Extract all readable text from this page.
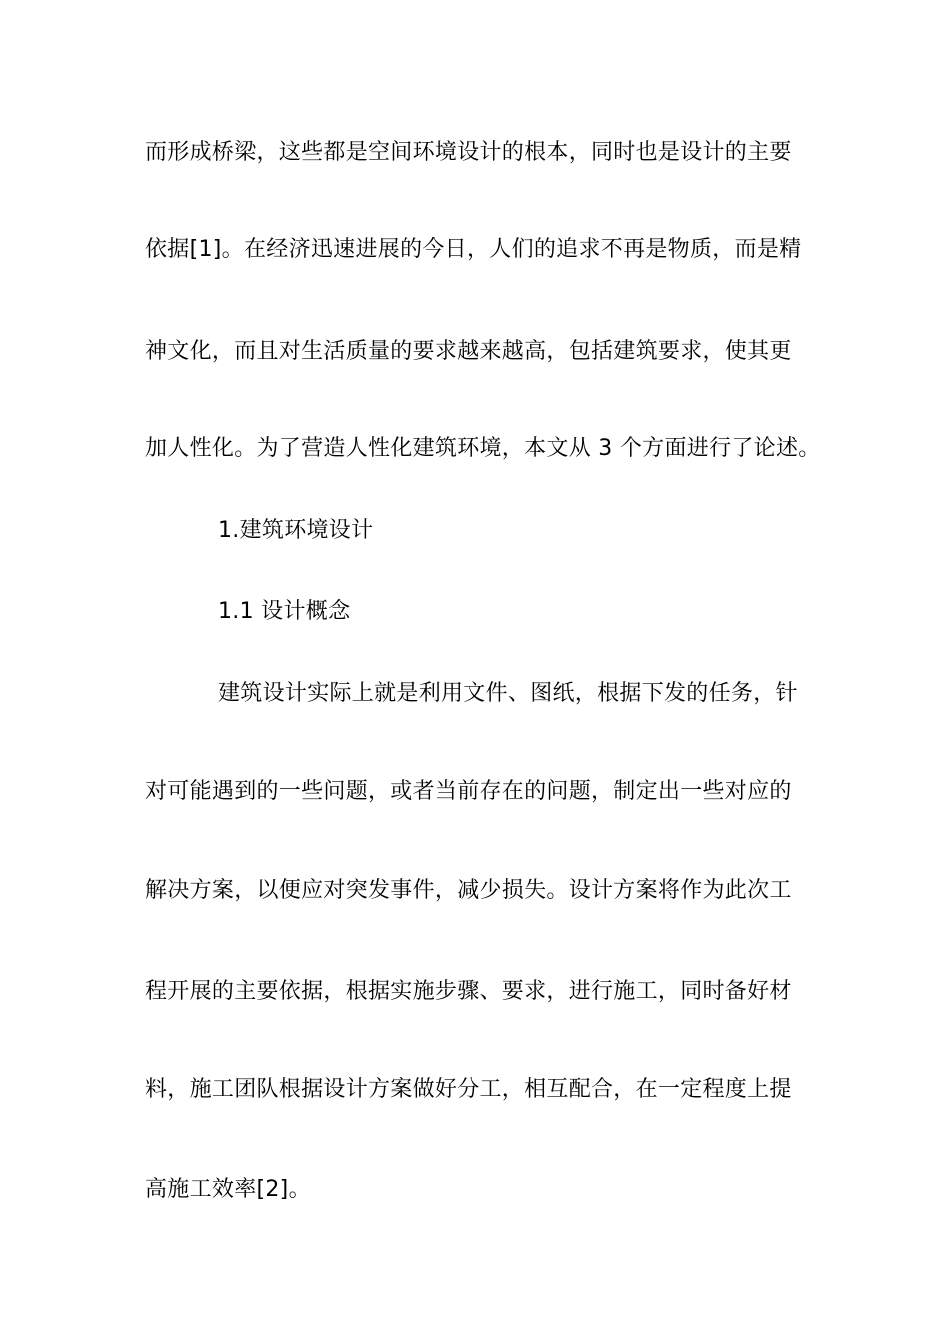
而形成桥梁，这些都是空间环境设计的根本，同时也是设计的主要
依据[1]。在经济迅速进展的今日，人们的追求不再是物质，而是精
神文化，而且对生活质量的要求越来越高，包括建筑要求，使其更
加人性化。为了营造人性化建筑环境，本文从 3 个方面进行了论述。
1.建筑环境设计
1.1 设计概念
建筑设计实际上就是利用文件、图纸，根据下发的任务，针
对可能遇到的一些问题，或者当前存在的问题，制定出一些对应的
解决方案，以便应对突发事件，减少损失。设计方案将作为此次工
程开展的主要依据，根据实施步骤、要求，进行施工，同时备好材
料，施工团队根据设计方案做好分工，相互配合，在一定程度上提
高施工效率[2]。
